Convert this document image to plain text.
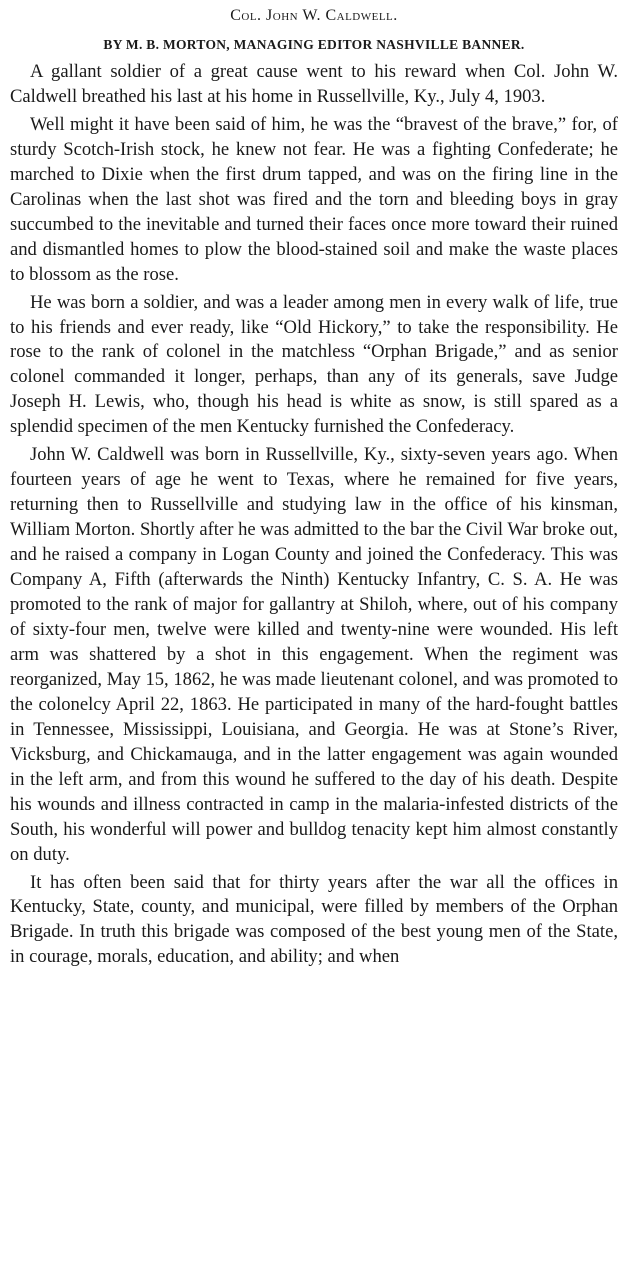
Col. John W. Caldwell.
BY M. B. MORTON, MANAGING EDITOR NASHVILLE BANNER.

A gallant soldier of a great cause went to his reward when Col. John W. Caldwell breathed his last at his home in Russellville, Ky., July 4, 1903.

Well might it have been said of him, he was the “bravest of the brave,” for, of sturdy Scotch-Irish stock, he knew not fear. He was a fighting Confederate; he marched to Dixie when the first drum tapped, and was on the firing line in the Carolinas when the last shot was fired and the torn and bleeding boys in gray succumbed to the inevitable and turned their faces once more toward their ruined and dismantled homes to plow the blood-stained soil and make the waste places to blossom as the rose.

He was born a soldier, and was a leader among men in every walk of life, true to his friends and ever ready, like “Old Hickory,” to take the responsibility. He rose to the rank of colonel in the matchless “Orphan Brigade,” and as senior colonel commanded it longer, perhaps, than any of its generals, save Judge Joseph H. Lewis, who, though his head is white as snow, is still spared as a splendid specimen of the men Kentucky furnished the Confederacy.

John W. Caldwell was born in Russellville, Ky., sixty-seven years ago. When fourteen years of age he went to Texas, where he remained for five years, returning then to Russellville and studying law in the office of his kinsman, William Morton. Shortly after he was admitted to the bar the Civil War broke out, and he raised a company in Logan County and joined the Confederacy. This was Company A, Fifth (afterwards the Ninth) Kentucky Infantry, C. S. A. He was promoted to the rank of major for gallantry at Shiloh, where, out of his company of sixty-four men, twelve were killed and twenty-nine were wounded. His left arm was shattered by a shot in this engagement. When the regiment was reorganized, May 15, 1862, he was made lieutenant colonel, and was promoted to the colonelcy April 22, 1863. He participated in many of the hard-fought battles in Tennessee, Mississippi, Louisiana, and Georgia. He was at Stone’s River, Vicksburg, and Chickamauga, and in the latter engagement was again wounded in the left arm, and from this wound he suffered to the day of his death. Despite his wounds and illness contracted in camp in the malaria-infested districts of the South, his wonderful will power and bulldog tenacity kept him almost constantly on duty.

It has often been said that for thirty years after the war all the offices in Kentucky, State, county, and municipal, were filled by members of the Orphan Brigade. In truth this brigade was composed of the best young men of the State, in courage, morals, education, and ability; and when
